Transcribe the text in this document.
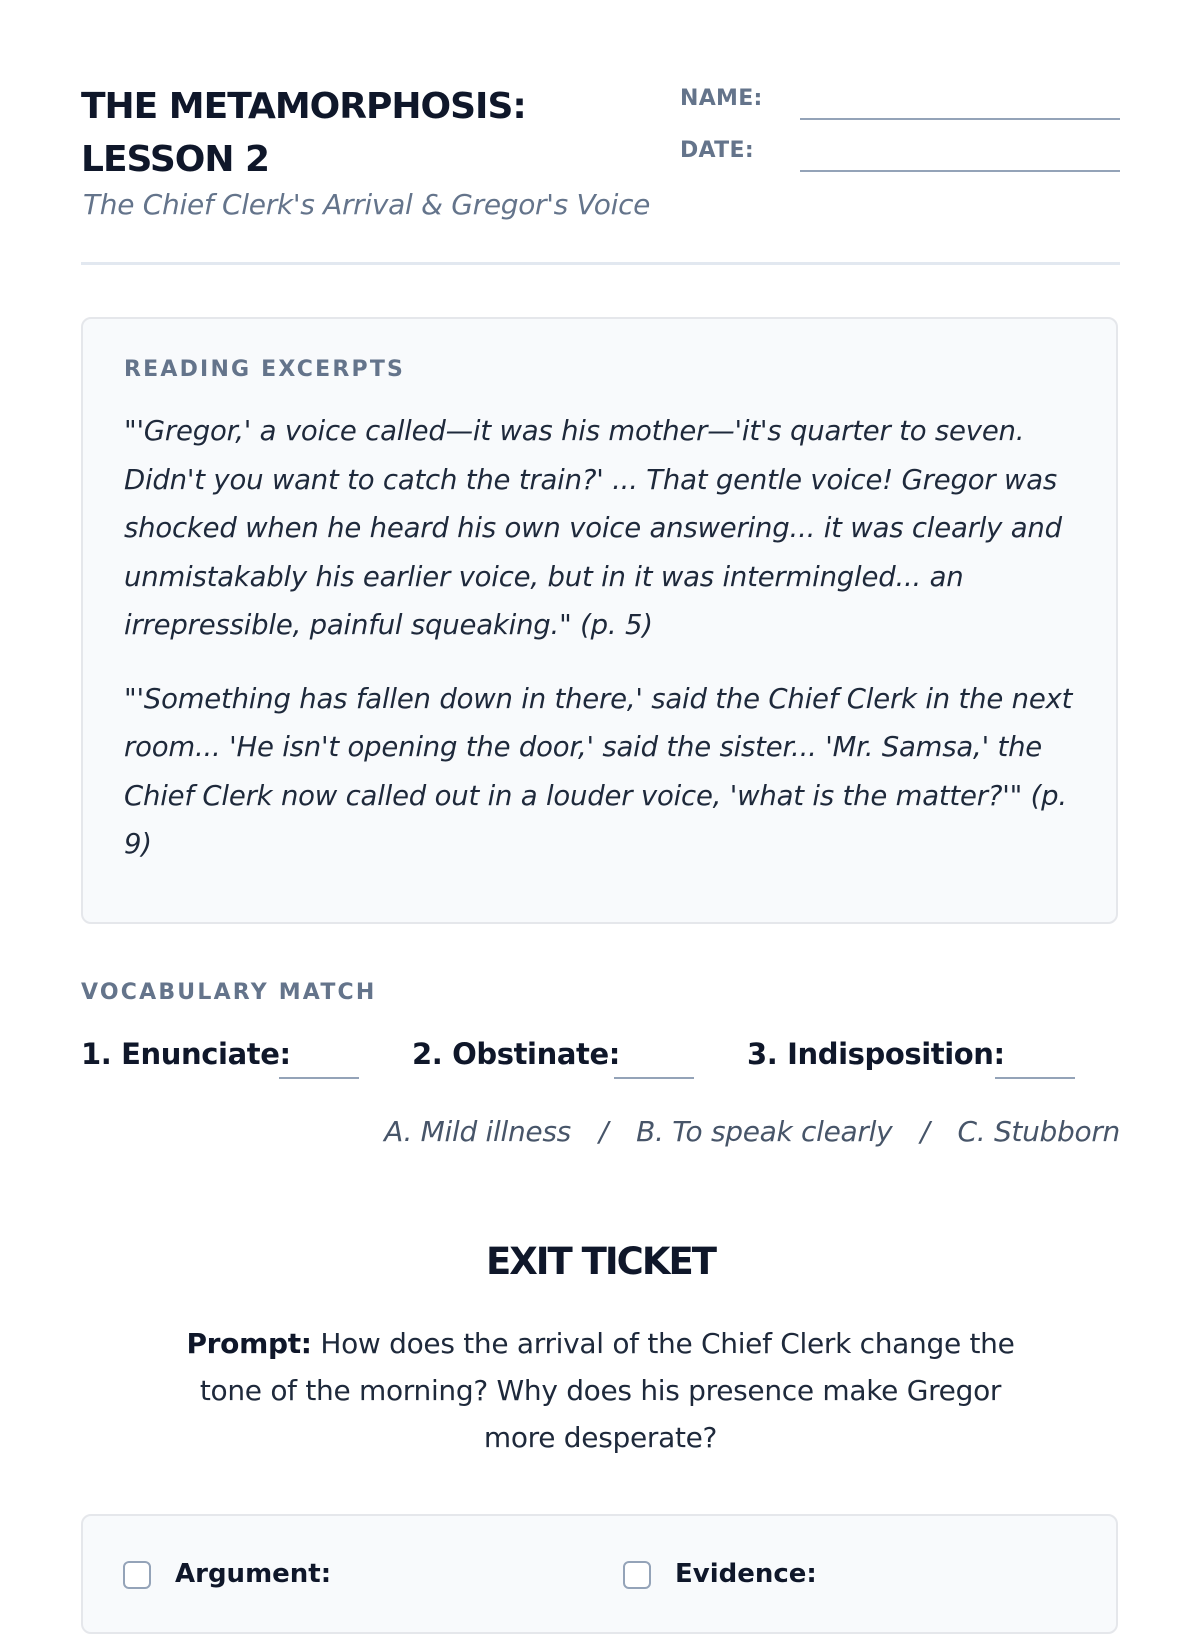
THE METAMORPHOSIS:
LESSON 2

The Chief Clerk's Arrival & Gregor's Voice

NAME:
DATE:

READING EXCERPTS

"'Gregor,' a voice called—it was his mother—'it's quarter to seven. Didn't you want to catch the train?' ... That gentle voice! Gregor was shocked when he heard his own voice answering... it was clearly and unmistakably his earlier voice, but in it was intermingled... an irrepressible, painful squeaking." (p. 5)

"'Something has fallen down in there,' said the Chief Clerk in the next room... 'He isn't opening the door,' said the sister... 'Mr. Samsa,' the Chief Clerk now called out in a louder voice, 'what is the matter?'" (p. 9)

VOCABULARY MATCH

1. Enunciate:	2. Obstinate:	3. Indisposition:
A. Mild illness / B. To speak clearly / C. Stubborn
EXIT TICKET

Prompt: How does the arrival of the Chief Clerk change the tone of the morning? Why does his presence make Gregor more desperate?

Argument:	Evidence:
